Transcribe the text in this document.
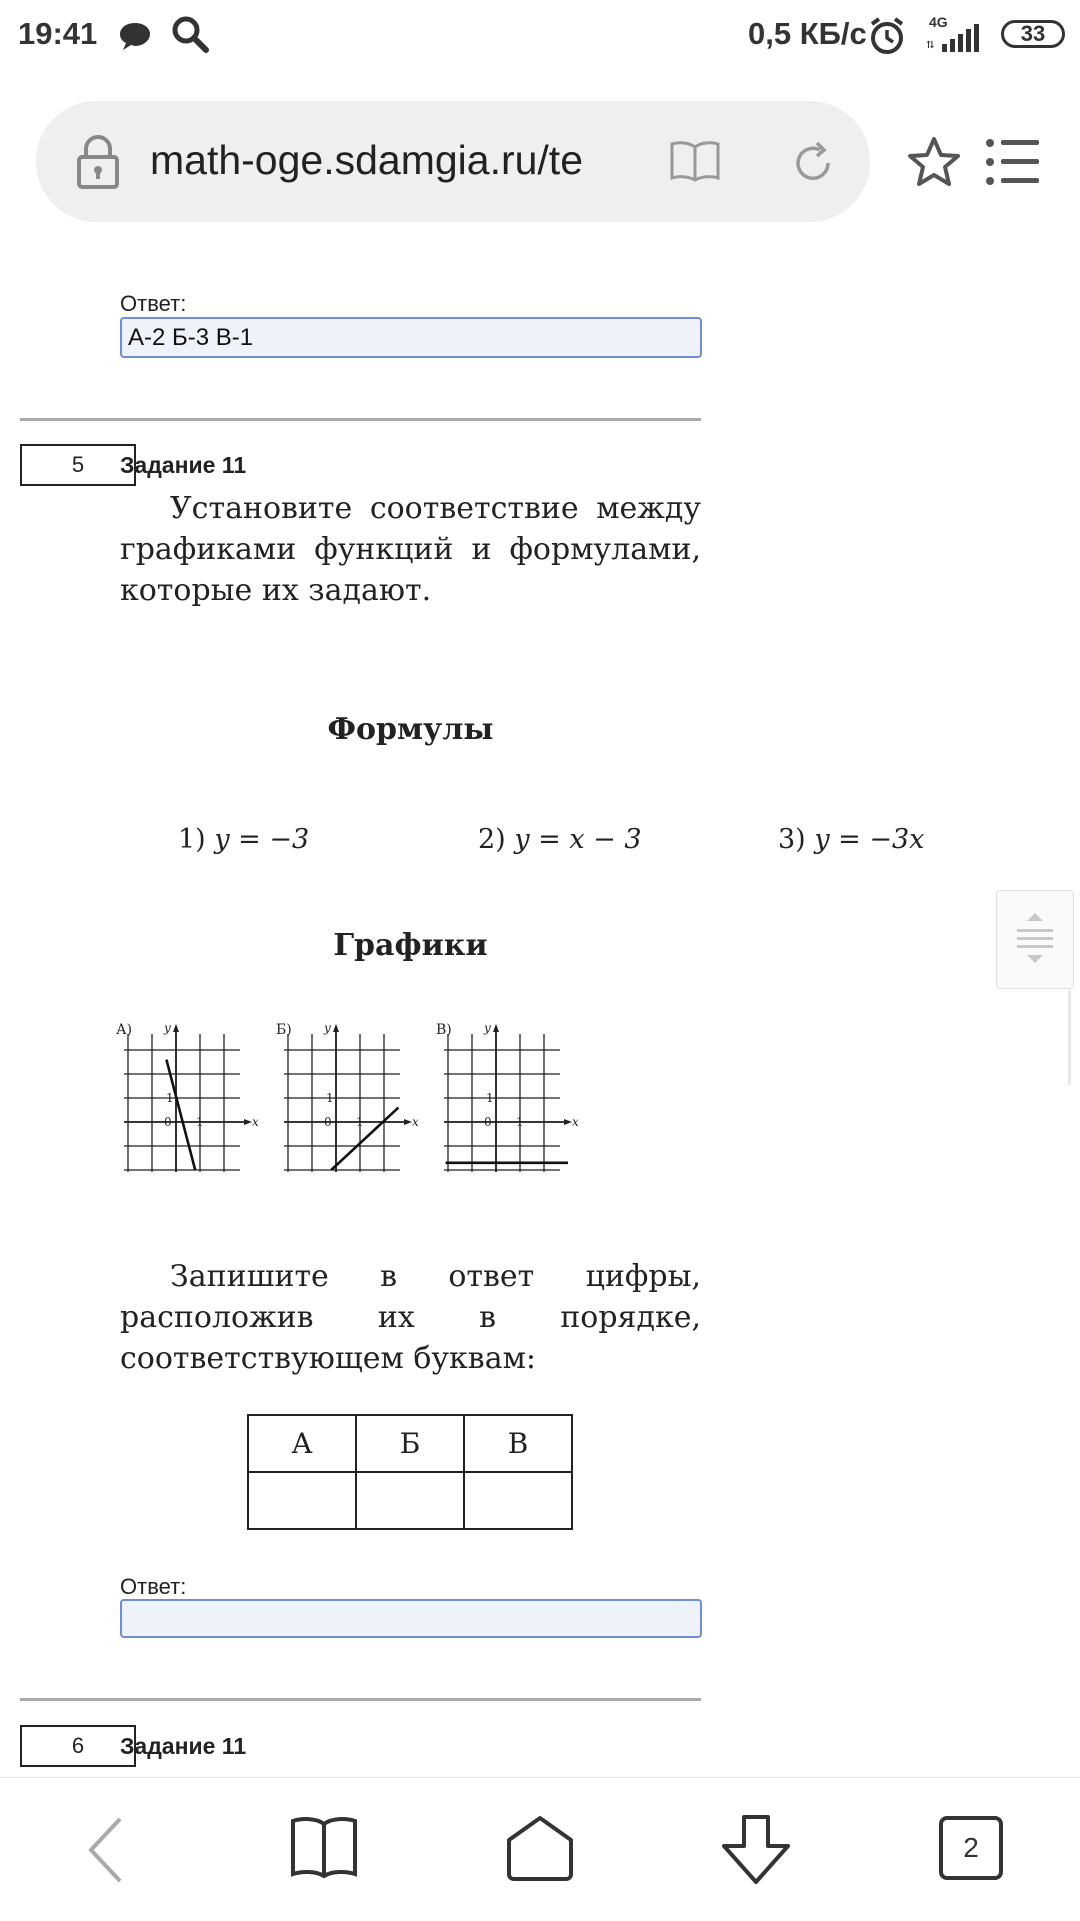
19:41	0,5 КБ/с	4G
⇅	33
math-oge.sdamgia.ru/te
Ответ:
А-2 Б-3 В-1
5 Задание 11
Установите соответствие между графиками функций и формулами, которые их задают.
Формулы
1) y = −3	2) y = x − 3	3) y = −3x
Графики
А)	y
x
1
1
0
Б)	y
x
1
1
0
В)	y
x
1
1
0
Запишите в ответ цифры, расположив их в порядке, соответствующем буквам:
А	Б	В

Ответ:
6 Задание 11
2
